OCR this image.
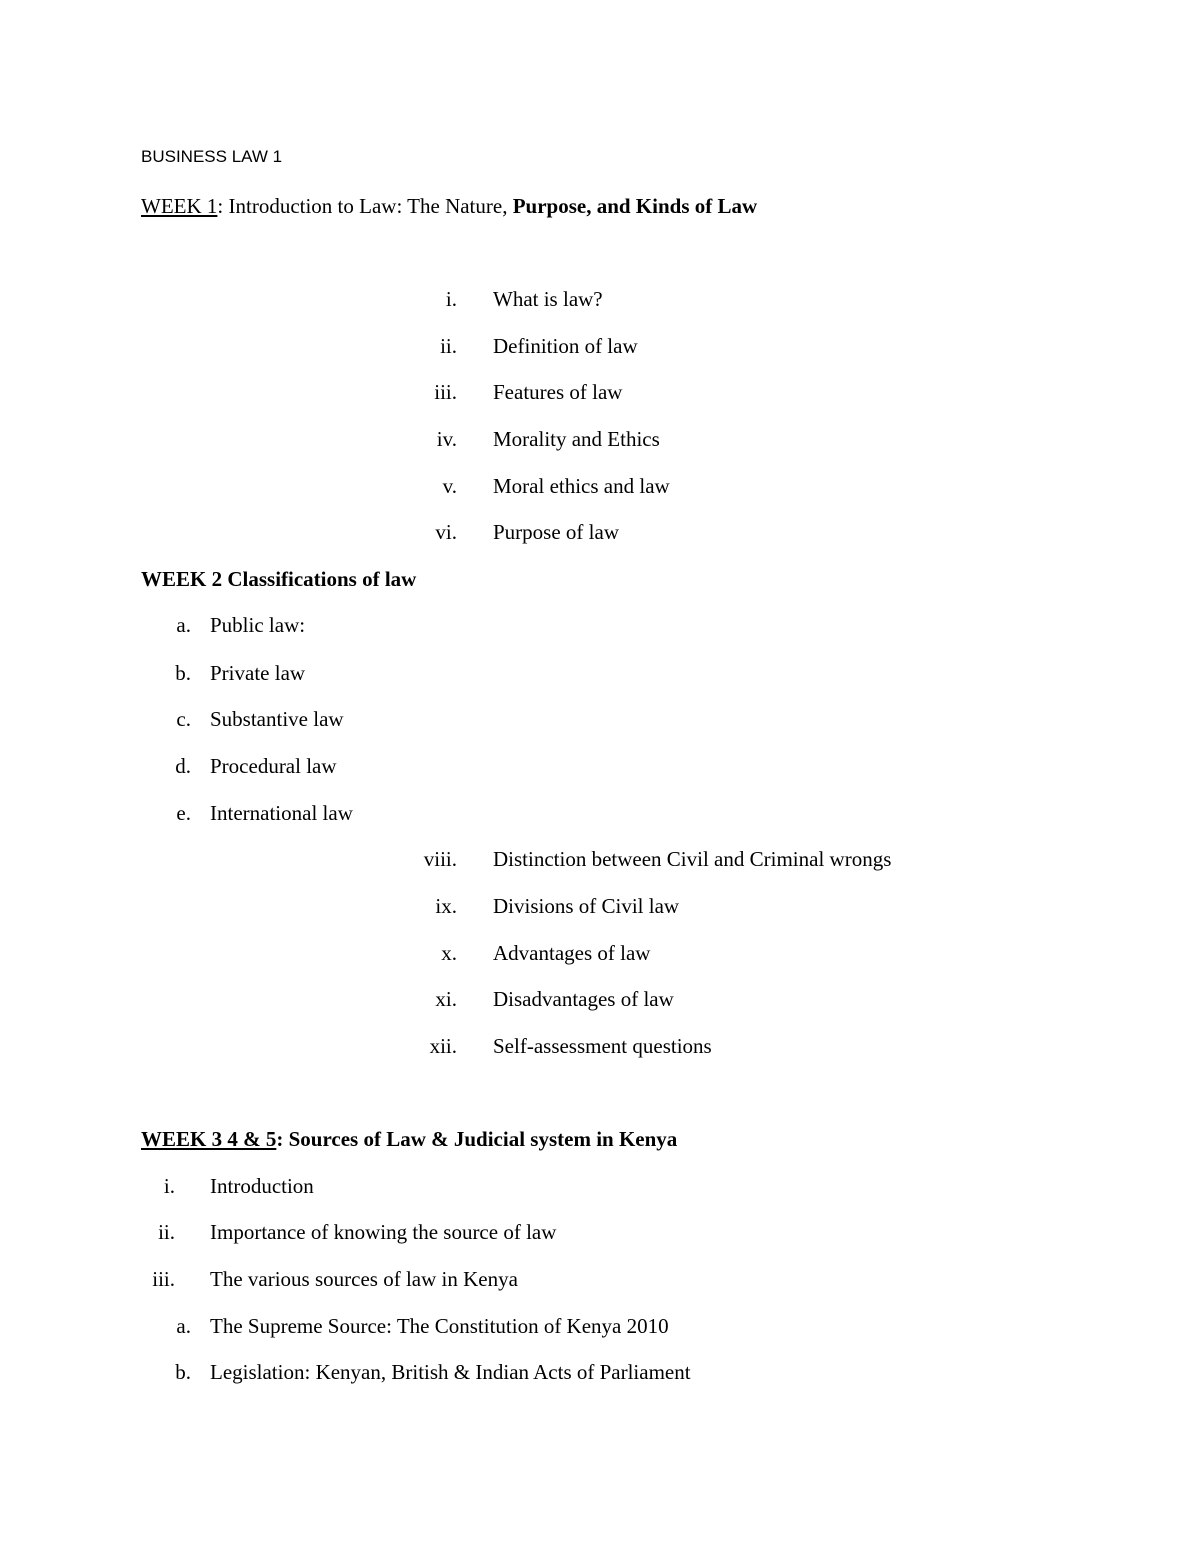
BUSINESS LAW 1
WEEK 1: Introduction to Law: The Nature, Purpose, and Kinds of Law
i. What is law?
ii. Definition of law
iii. Features of law
iv. Morality and Ethics
v. Moral ethics and law
vi. Purpose of law
WEEK 2 Classifications of law
a. Public law:
b. Private law
c. Substantive law
d. Procedural law
e. International law
viii. Distinction between Civil and Criminal wrongs
ix. Divisions of Civil law
x. Advantages of law
xi. Disadvantages of law
xii. Self-assessment questions
WEEK 3 4 & 5: Sources of Law & Judicial system in Kenya
i. Introduction
ii. Importance of knowing the source of law
iii. The various sources of law in Kenya
a. The Supreme Source: The Constitution of Kenya 2010
b. Legislation: Kenyan, British & Indian Acts of Parliament
